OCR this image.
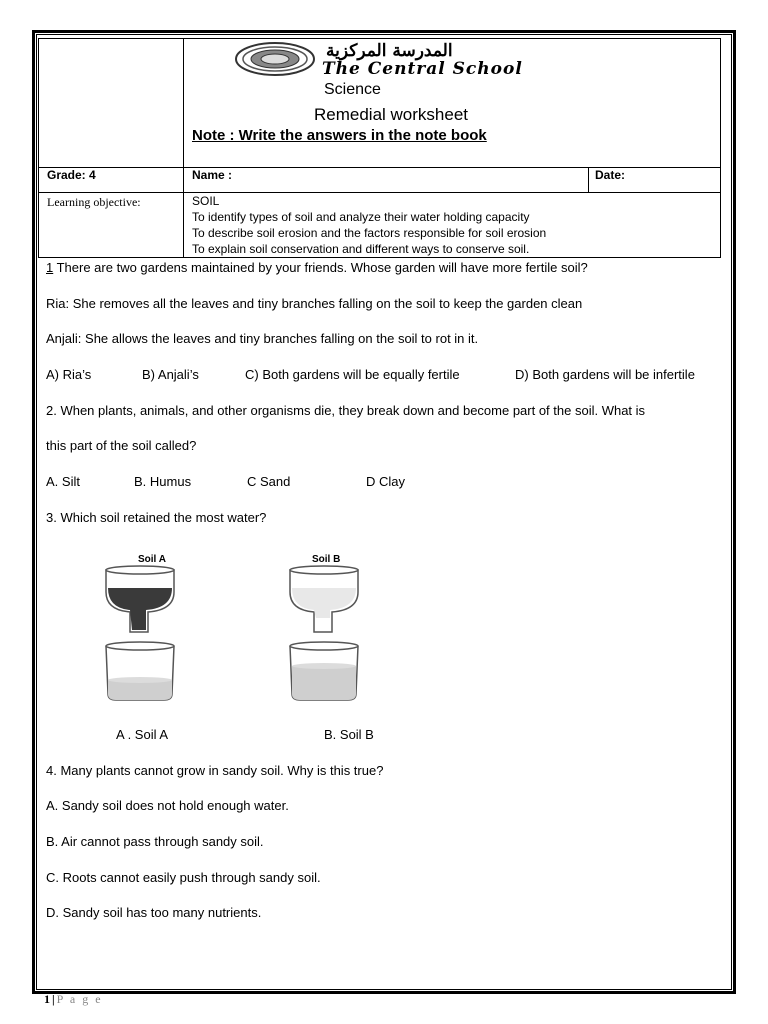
	المدرسة المركزية
The Central School
Science
Remedial worksheet
Note : Write the answers in the note book	

Grade: 4	Name :	Date:
Learning objective:	SOIL
To identify types of soil and analyze their water holding capacity
To describe soil erosion and the factors responsible for soil erosion
To explain soil conservation and different ways to conserve soil.	
1 There are two gardens maintained by your friends. Whose garden will have more fertile soil?
Ria: She removes all the leaves and tiny branches falling on the soil to keep the garden clean
Anjali: She allows the leaves and tiny branches falling on the soil to rot in it.
A) Ria’s	B) Anjali’s	C) Both gardens will be equally fertile	D) Both gardens will be infertile
2. When plants, animals, and other organisms die, they break down and become part of the soil. What is
this part of the soil called?
A. Silt	B. Humus	C Sand	D Clay
3. Which soil retained the most water?
A . Soil A	B. Soil B
4. Many plants cannot grow in sandy soil. Why is this true?
A. Sandy soil does not hold enough water.
B. Air cannot pass through sandy soil.
C. Roots cannot easily push through sandy soil.
D. Sandy soil has too many nutrients.
Soil A	Soil B
1|P a g e
